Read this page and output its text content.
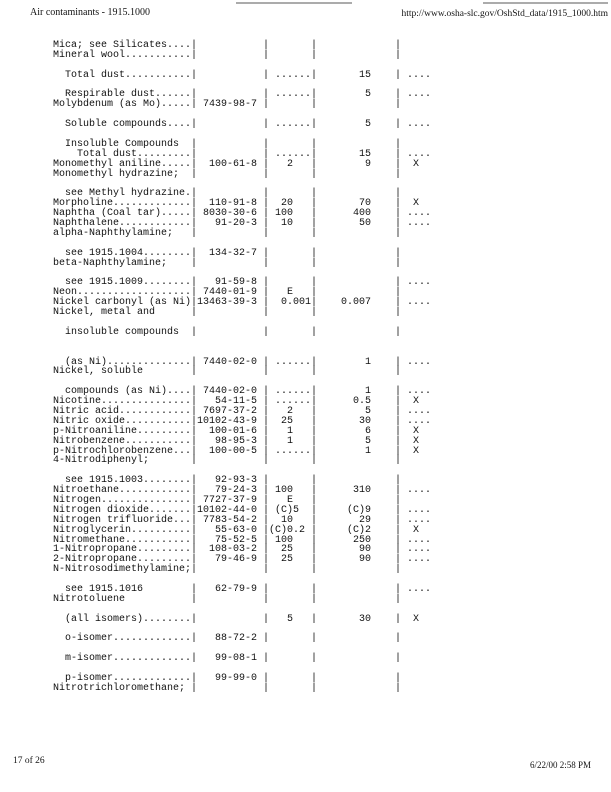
Air contaminants - 1915.1000	http://www.osha-slc.gov/OshStd_data/1915_1000.htm
Mica; see Silicates....|           |       |             |
Mineral wool...........|           |       |             |
Total dust...........|           | ......|       15    | ....
Respirable dust......|           | ......|        5    | ....
Molybdenum (as Mo).....| 7439-98-7 |       |             |
Soluble compounds....|           | ......|        5    | ....
Insoluble Compounds  |           |       |             |
Total dust.........|           | ......|       15    | ....
Monomethyl aniline.....|  100-61-8 |   2   |        9    |  X
Monomethyl hydrazine;  |           |       |             |
see Methyl hydrazine.|           |       |             |
Morpholine.............|  110-91-8 |  20   |       70    |  X
Naphtha (Coal tar).....| 8030-30-6 | 100   |      400    | ....
Naphthalene............|   91-20-3 |  10   |       50    | ....
alpha-Naphthylamine;   |           |       |             |
see 1915.1004........|  134-32-7 |       |             |
beta-Naphthylamine;    |           |       |             |
see 1915.1009........|   91-59-8 |       |             | ....
Neon...................| 7440-01-9 |   E   |             |
Nickel carbonyl (as Ni)|13463-39-3 |  0.001|    0.007    | ....
Nickel, metal and      |           |       |             |
insoluble compounds  |           |       |             |
(as Ni)..............| 7440-02-0 | ......|        1    | ....
Nickel, soluble        |           |       |             |
compounds (as Ni)....| 7440-02-0 | ......|        1    | ....
Nicotine...............|   54-11-5 | ......|      0.5    |  X
Nitric acid............| 7697-37-2 |   2   |        5    | ....
Nitric oxide...........|10102-43-9 |  25   |       30    | ....
p-Nitroaniline.........|  100-01-6 |   1   |        6    |  X
Nitrobenzene...........|   98-95-3 |   1   |        5    |  X
p-Nitrochlorobenzene...|  100-00-5 | ......|        1    |  X
4-Nitrodiphenyl;       |           |       |             |
see 1915.1003........|   92-93-3 |       |             |
Nitroethane............|   79-24-3 | 100   |      310    | ....
Nitrogen...............| 7727-37-9 |   E   |             |
Nitrogen dioxide.......|10102-44-0 | (C)5  |     (C)9    | ....
Nitrogen trifluoride...| 7783-54-2 |  10   |       29    | ....
Nitroglycerin..........|   55-63-0 |(C)0.2 |     (C)2    |  X
Nitromethane...........|   75-52-5 | 100   |      250    | ....
1-Nitropropane.........|  108-03-2 |  25   |       90    | ....
2-Nitropropane.........|   79-46-9 |  25   |       90    | ....
N-Nitrosodimethylamine;|           |       |             |
see 1915.1016        |   62-79-9 |       |             | ....
Nitrotoluene           |           |       |             |
(all isomers)........|           |   5   |       30    |  X
o-isomer.............|   88-72-2 |       |             |
m-isomer.............|   99-08-1 |       |             |
p-isomer.............|   99-99-0 |       |             |
Nitrotrichloromethane; |           |       |             |
17 of 26	6/22/00 2:58 PM
